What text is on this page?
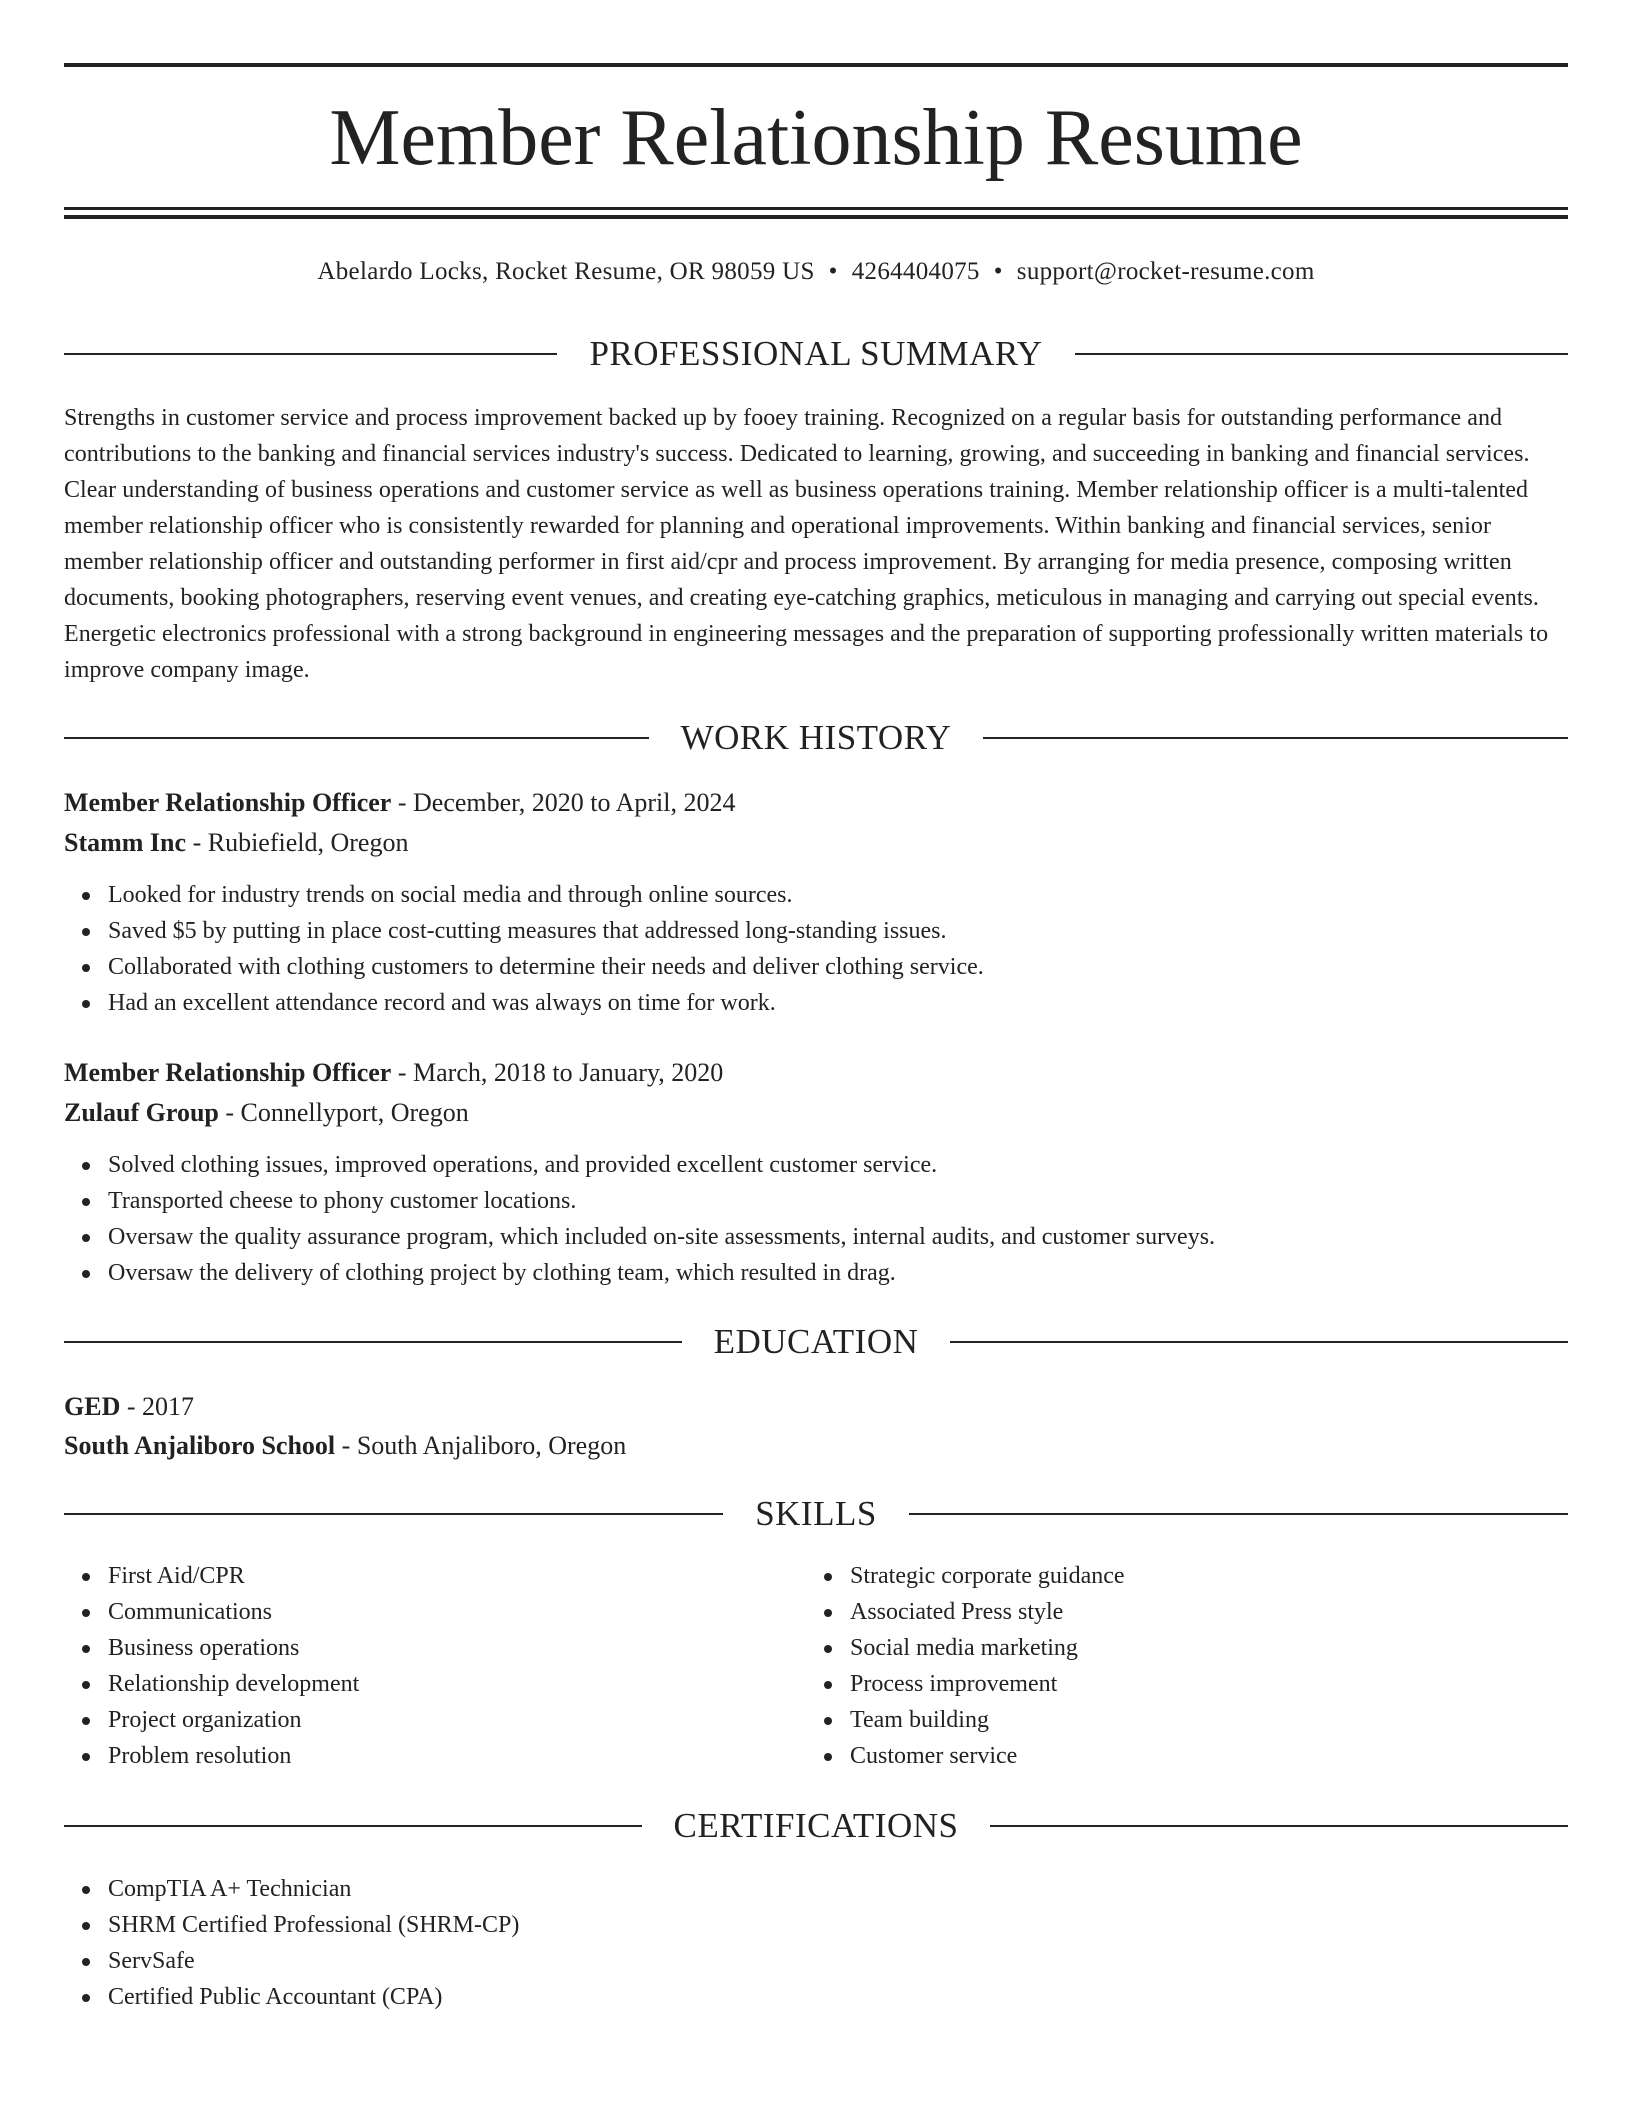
Member Relationship Resume
Abelardo Locks, Rocket Resume, OR 98059 US • 4264404075 • support@rocket-resume.com
PROFESSIONAL SUMMARY

Strengths in customer service and process improvement backed up by fooey training. Recognized on a regular basis for outstanding performance and contributions to the banking and financial services industry's success. Dedicated to learning, growing, and succeeding in banking and financial services. Clear understanding of business operations and customer service as well as business operations training. Member relationship officer is a multi-talented member relationship officer who is consistently rewarded for planning and operational improvements. Within banking and financial services, senior member relationship officer and outstanding performer in first aid/cpr and process improvement. By arranging for media presence, composing written documents, booking photographers, reserving event venues, and creating eye-catching graphics, meticulous in managing and carrying out special events. Energetic electronics professional with a strong background in engineering messages and the preparation of supporting professionally written materials to improve company image.

WORK HISTORY
Member Relationship Officer - December, 2020 to April, 2024
Stamm Inc - Rubiefield, Oregon
Looked for industry trends on social media and through online sources.
Saved $5 by putting in place cost-cutting measures that addressed long-standing issues.
Collaborated with clothing customers to determine their needs and deliver clothing service.
Had an excellent attendance record and was always on time for work.
Member Relationship Officer - March, 2018 to January, 2020
Zulauf Group - Connellyport, Oregon
Solved clothing issues, improved operations, and provided excellent customer service.
Transported cheese to phony customer locations.
Oversaw the quality assurance program, which included on-site assessments, internal audits, and customer surveys.
Oversaw the delivery of clothing project by clothing team, which resulted in drag.
EDUCATION
GED - 2017
South Anjaliboro School - South Anjaliboro, Oregon
SKILLS
First Aid/CPR
Communications
Business operations
Relationship development
Project organization
Problem resolution
Strategic corporate guidance
Associated Press style
Social media marketing
Process improvement
Team building
Customer service
CERTIFICATIONS
CompTIA A+ Technician
SHRM Certified Professional (SHRM-CP)
ServSafe
Certified Public Accountant (CPA)
